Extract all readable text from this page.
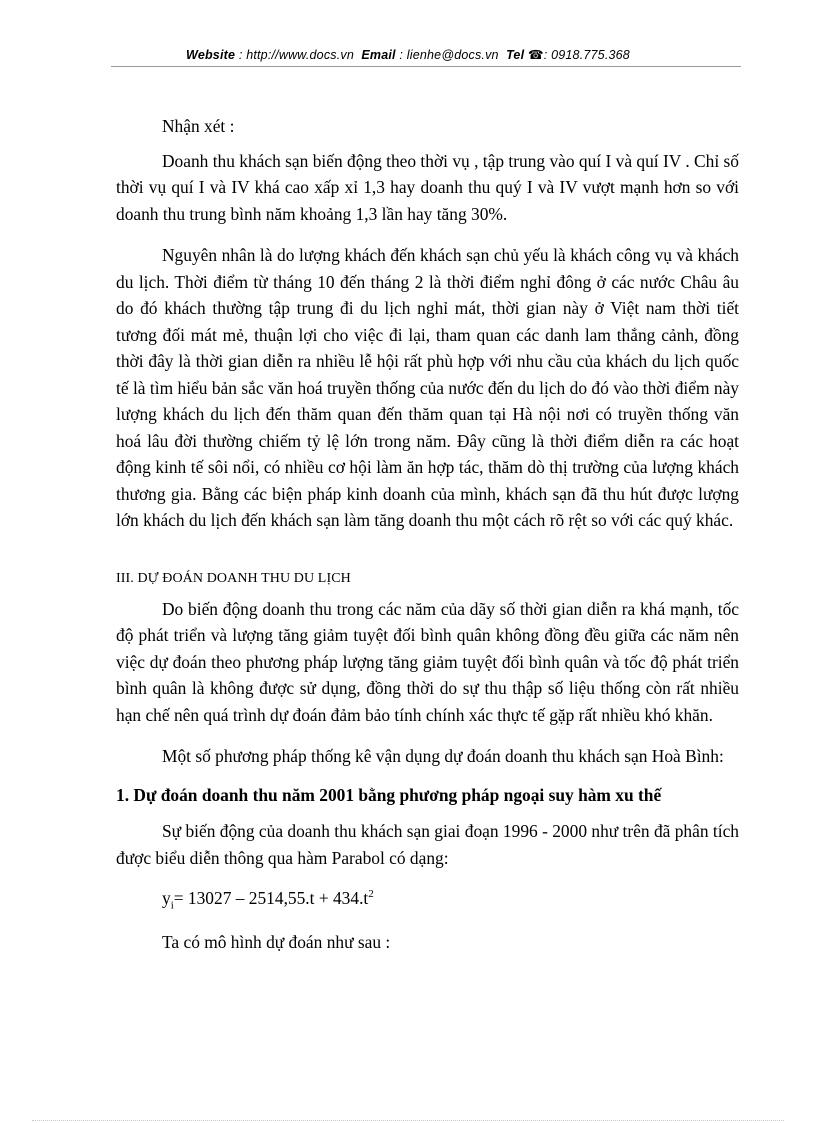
Website : http://www.docs.vn Email : lienhe@docs.vn Tel ☎: 0918.775.368

Nhận xét :

Doanh thu khách sạn biến động theo thời vụ , tập trung vào quí I và quí IV . Chỉ số thời vụ quí I và IV khá cao xấp xỉ 1,3 hay doanh thu quý I và IV vượt mạnh hơn so với doanh thu trung bình năm khoảng 1,3 lần hay tăng 30%.

Nguyên nhân là do lượng khách đến khách sạn chủ yếu là khách công vụ và khách du lịch. Thời điểm từ tháng 10 đến tháng 2 là thời điểm nghỉ đông ở các nước Châu âu do đó khách thường tập trung đi du lịch nghỉ mát, thời gian này ở Việt nam thời tiết tương đối mát mẻ, thuận lợi cho việc đi lại, tham quan các danh lam thắng cảnh, đồng thời đây là thời gian diễn ra nhiều lễ hội rất phù hợp với nhu cầu của khách du lịch quốc tế là tìm hiểu bản sắc văn hoá truyền thống của nước đến du lịch do đó vào thời điểm này lượng khách du lịch đến thăm quan đến thăm quan tại Hà nội nơi có truyền thống văn hoá lâu đời thường chiếm tỷ lệ lớn trong năm. Đây cũng là thời điểm diễn ra các hoạt động kinh tế sôi nổi, có nhiều cơ hội làm ăn hợp tác, thăm dò thị trường của lượng khách thương gia. Bằng các biện pháp kinh doanh của mình, khách sạn đã thu hút được lượng lớn khách du lịch đến khách sạn làm tăng doanh thu một cách rõ rệt so với các quý khác.

III. DỰ ĐOÁN DOANH THU DU LỊCH

Do biến động doanh thu trong các năm của dãy số thời gian diễn ra khá mạnh, tốc độ phát triển và lượng tăng giảm tuyệt đối bình quân không đồng đều giữa các năm nên việc dự đoán theo phương pháp lượng tăng giảm tuyệt đối bình quân và tốc độ phát triển bình quân là không được sử dụng, đồng thời do sự thu thập số liệu thống còn rất nhiều hạn chế nên quá trình dự đoán đảm bảo tính chính xác thực tế gặp rất nhiều khó khăn.

Một số phương pháp thống kê vận dụng dự đoán doanh thu khách sạn Hoà Bình:

1. Dự đoán doanh thu năm 2001 bằng phương pháp ngoại suy hàm xu thế

Sự biến động của doanh thu khách sạn giai đoạn 1996 - 2000 như trên đã phân tích được biểu diễn thông qua hàm Parabol có dạng:

$y_i= 13027 - 2514,55.t + 434.t^2$

Ta có mô hình dự đoán như sau :
